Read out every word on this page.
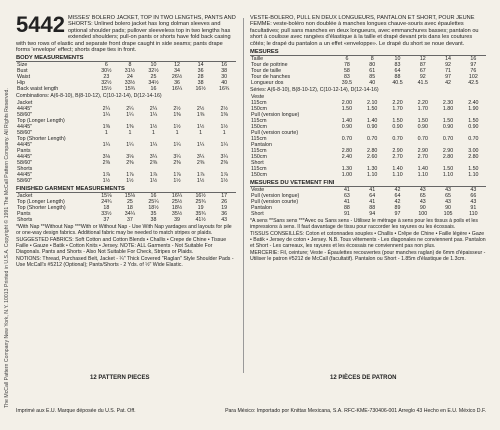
The McCall Pattern Company New York, N.Y. 10013 Printed in U.S.A. Copyright © 1991 The McCall Pattern Company. All Rights Reserved.
5442 MISSES' BOLERO JACKET, TOP IN TWO LENGTHS, PANTS AND SHORTS: Unlined bolero jacket has long dolman sleeves and optional shoulder pads; pullover sleeveless top in two lengths has extended shoulders; pull-on pants or shorts have fold back casing with two rows of elastic and separate front drape caught in side seams; pants drape forms 'envelope' effect; shorts drape ties in front.
BODY MEASUREMENTS
Size	6	8	10	12	14	16
Bust	30½	31½	32½	34	36	38
Waist	23	24	25	26½	28	30
Hip	32½	33½	34½	36	38	40
Back waist length	15½	15¾	16	16¼	16½	16¾
Combinations: A(6-8-10), B(8-10-12), C(10-12-14), D(12-14-16)
Jacket						
44/45"	2¼	2¼	2¼	2½	2½	2½
58/60"	1¼	1¼	1¼	1⅜	1⅜	1⅜
Top (Longer Length)						
44/45"	1⅜	1⅜	1½	1½	1½	1½
58/60"	1	1	1	1	1	1
Top (Shorter Length)						
44/45"	1¼	1¼	1¼	1¼	1¼	1¼
Pants						
44/45"	3⅛	3⅛	3¼	3¼	3¼	3¼
58/60"	2⅜	2⅜	2⅜	2⅜	2⅜	2⅜
Shorts						
44/45"	1⅞	1⅞	1⅞	1⅞	1⅞	1⅞
58/60"	1½	1½	1½	1½	1½	1½
FINISHED GARMENT MEASUREMENTS
Jacket	15⅛	15⅛	16	16¼	16½	17
Top (Longer Length)	24¾	25	25¼	25½	25¾	26
Top (Shorter Length)	18	18	18½	18½	19	19
Pants	33½	34¼	35	35½	35¾	36
Shorts	37	37	38	39	41½	43
*With Nap **Without Nap ***With or Without Nap - Use With Nap yardages and layouts for pile or one-way design fabrics. Additional fabric may be needed to match stripes or plaids.
SUGGESTED FABRICS: Soft Cotton and Cotton Blends • Challis • Crepe de Chine • Tissue Faille • Gauze • Batik • Cotton Knits • Jersey. NOTE: ALL Garments - Not Suitable For Diagonals. Pants and Shorts - Also Not Suitable For Check, Stripes or Plaids.
NOTIONS: Thread, Purchased Belt, Jacket - ¼" Thick Covered "Raglan" Style Shoulder Pads - Use McCall's #5212 (Optional); Pants/Shorts - 2 Yds. of ½" Wide Elastic.
VESTE-BOLERO, PULL EN DEUX LONGUEURS, PANTALON ET SHORT, POUR JEUNE FEMME: veste-boléro non doublée à manches longues chauve-souris avec épaulettes facultatives; pull sans manches en deux longueurs, avec emmanchures basses; pantalon ou short à coulisse avec rangées d'élastique à la taille et drapé devant pris dans les coutures côtés; le drapé du pantalon a un effet «enveloppe». Le drapé du short se noue devant.
MESURES
Taille	6	8	10	12	14	16
Tour de poitrine	78	80	83	87	92	97
Tour de taille	58	61	64	67	71	76
Tour de hanches	83	85	88	92	97	102
Longueur dos	39.5	40	40.5	41.5	42	42.5
Séries: A(6-8-10), B(8-10-12), C(10-12-14), D(12-14-16)
Veste						
115cm	2.00	2.10	2.20	2.20	2.30	2.40
150cm	1.50	1.50	1.70	1.70	1.80	1.90
Pull (version longue)						
115cm	1.40	1.40	1.50	1.50	1.50	1.50
150cm	0.90	0.90	0.90	0.90	0.90	0.90
Pull (version courte)						
115cm	0.70	0.70	0.70	0.70	0.70	0.70
Pantalon						
115cm	2.80	2.80	2.90	2.90	2.90	3.00
150cm	2.40	2.60	2.70	2.70	2.80	2.80
Short						
115cm	1.30	1.30	1.40	1.40	1.50	1.50
150cm	1.00	1.10	1.10	1.10	1.10	1.10
MESURES DU VETEMENT FINI
Veste	41	41	42	43	43	43
Pull (version longue)	63	64	64	65	65	66
Pull (version courte)	41	41	42	43	43	43
Pantalon	88	88	89	90	90	91
Short	91	94	97	100	105	110
*A sens **Sans sens ***Avec ou Sans sens - Utilisez le métrage à sens pour les tissus à poils et les impressions à sens. Il faut davantage de tissu pour raccorder les rayures ou les écossais.
TISSUS CONSEILLÉS: Coton et cotonnades souples • Challis • Crêpe de Chine • Faille légère • Gaze • Batik • Jersey de coton • Jersey. N.B. Tous vêtements - Les diagonales ne conviennent pas. Pantalon et Short - Les carreaux, les rayures et les écossais ne conviennent pas non plus.
MERCERIE: Fil, ceinture; Veste - Épaulettes recouvertes (pour manches raglan) de 6mm d'épaisseur - Utiliser le patron #5212 de McCall (facultatif). Pantalon ou Short - 1.85m d'élastique de 1.3cm.
12 PATTERN PIECES	12 PIÈCES DE PATRON
Imprimé aux E.U. Marque déposée du U.S. Pat. Off.	Para México: Importado por Knittax Mexicana, S.A. RFC-KME-730406-001 Arreglo 43 Hecho en E.U. México D.F.
